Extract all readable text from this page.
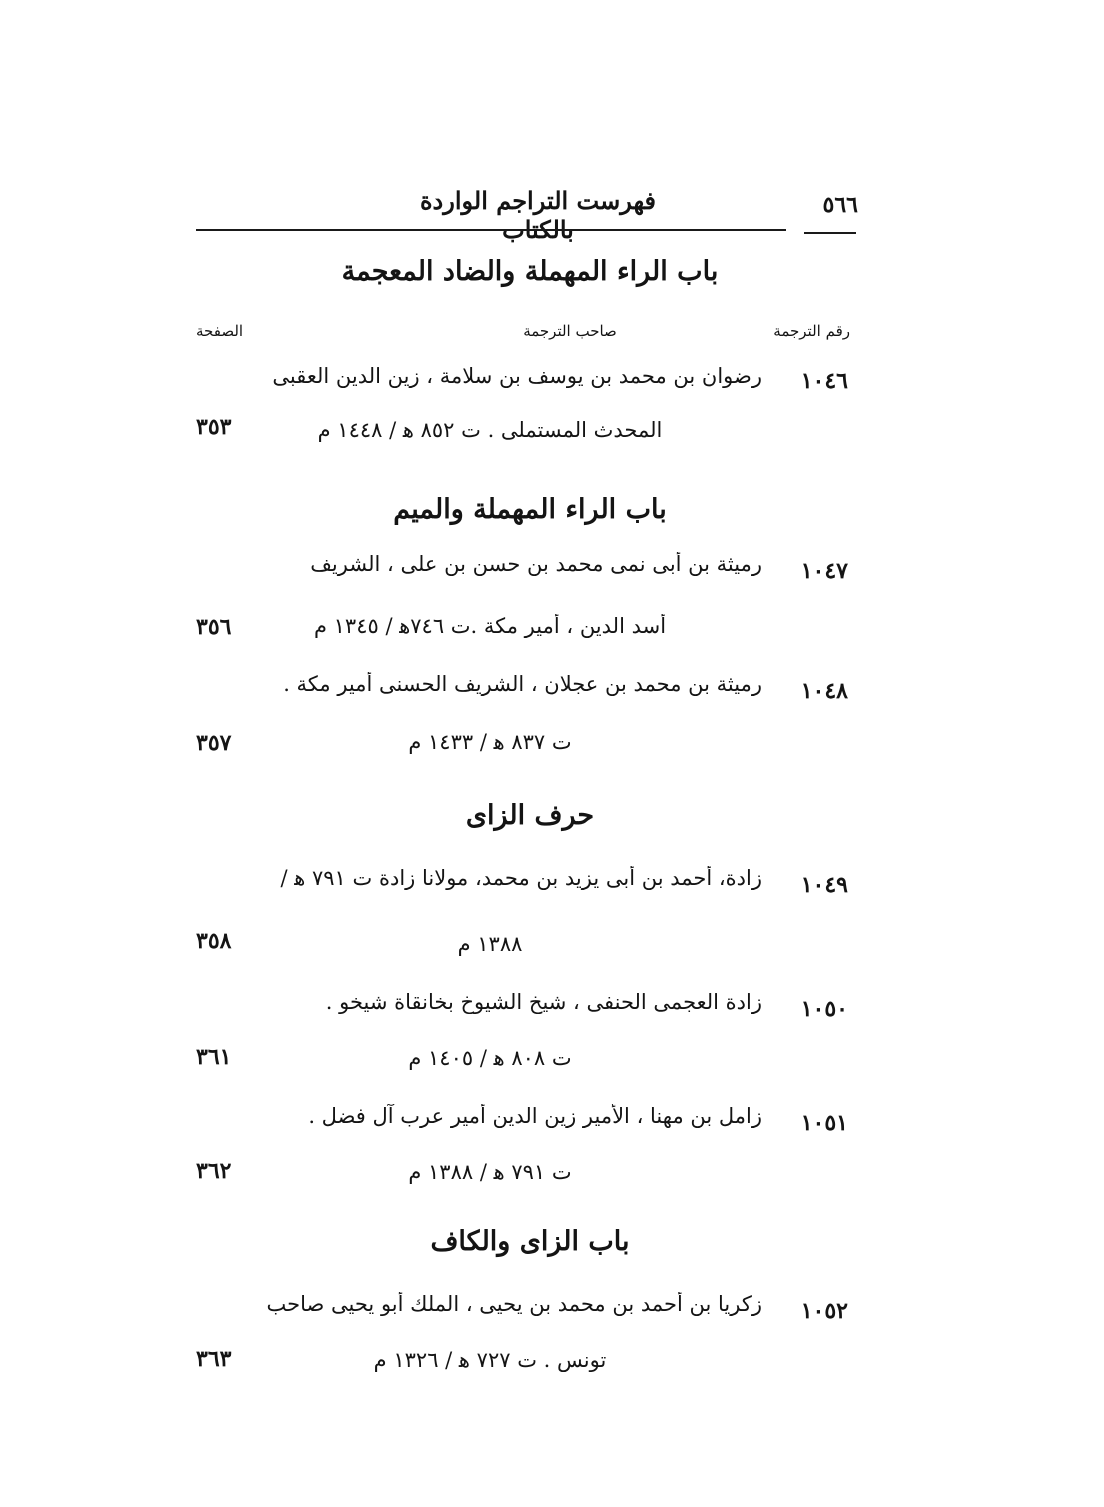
٥٦٦
فهرست التراجم الواردة بالكتاب
باب الراء المهملة والضاد المعجمة
رقم الترجمة
صاحب الترجمة
الصفحة
١٠٤٦
رضوان بن محمد بن يوسف بن سلامة ، زين الدين العقبى
المحدث المستملى . ت ٨٥٢ ﻫ / ١٤٤٨ م
٣٥٣
باب الراء المهملة والميم
١٠٤٧
رميثة بن أبى نمى محمد بن حسن بن على ، الشريف
أسد الدين ، أمير مكة .ت ٧٤٦ﻫ / ١٣٤٥ م
٣٥٦
١٠٤٨
رميثة بن محمد بن عجلان ، الشريف الحسنى أمير مكة .
ت ٨٣٧ ﻫ / ١٤٣٣ م
٣٥٧
حرف الزاى
١٠٤٩
زادة، أحمد بن أبى يزيد بن محمد، مولانا زادة ت ٧٩١ ﻫ /
١٣٨٨ م
٣٥٨
١٠٥٠
زادة العجمى الحنفى ، شيخ الشيوخ بخانقاة شيخو .
ت ٨٠٨ ﻫ / ١٤٠٥ م
٣٦١
١٠٥١
زامل بن مهنا ، الأمير زين الدين أمير عرب آل فضل .
ت ٧٩١ ﻫ / ١٣٨٨ م
٣٦٢
باب الزاى والكاف
١٠٥٢
زكريا بن أحمد بن محمد بن يحيى ، الملك أبو يحيى صاحب
تونس . ت ٧٢٧ ﻫ / ١٣٢٦ م
٣٦٣
